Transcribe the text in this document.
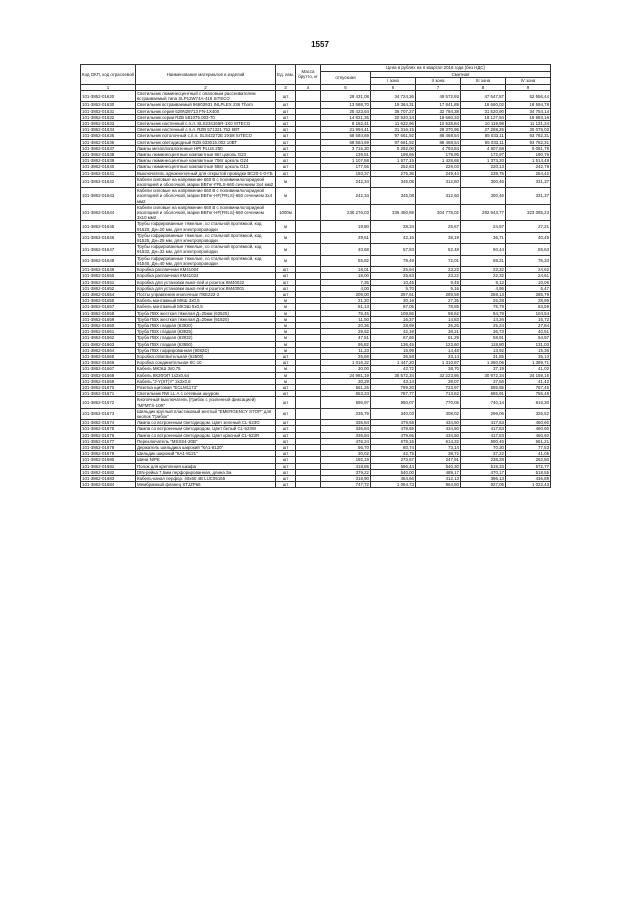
1557
Код ОКП, код отраслевой	Наименование материалов и изделий	Ед. изм.	Масса брутто, кг	Цена в рублях на II квартал 2016 года (без НДС)				
				отпускная	Сметная			
					I зона	II зона	III зона	IV зона
1	2	3	4	5	6	7	8	9
101-3862-01620	Светильник люминесцентный с опаловым рассеивателем встраиваемый типа SLP12W74A-418 SITECO	шт		28 431,08	34 724,36	49 572,93	47 647,87	52 556,44
101-3862-01630	Светильник встраиваемый 96603931 INLPLEX 236 Thorn	шт		13 588,70	19 364,31	17 841,89	18 660,02	18 594,78
101-3862-01631	Светильник серия 629N29713 FN-1X400	шт		25 423,64	36 707,27	32 794,38	31 520,90	34 754,14
101-3862-01632	Светильник серии RZB 581075.003-70	шт		14 821,35	20 920,24	18 660,33	18 127,94	19 993,16
101-3862-01633	Светильник настенный с.п.л. SLS234165R-1X0 SITECO	шт		8 162,41	11 622,96	10 528,84	10 119,98	11 131,24
101-3862-01634	Светильник настенный с.п.л. RZB 571321.752 6ВТ	шт		21 994,41	31 316,15	28 370,96	27 269,25	30 075,03
101-3862-01635	Светильник потолочный с.п.л. SLS42272E 2Х58 SITECO	шт		68 584,69	97 661,92	88 468,54	85 033,11	93 782,31
101-3862-01636	Светильник светодиодный RZB 633016.002 10ВТ	шт		68 584,69	97 661,92	88 468,54	85 033,11	93 782,31
101-3862-01637	Лампы металлогалогенные HPI PLUS 250	шт		3 716,30	5 292,00	4 793,84	4 607,68	5 081,78
101-3862-01638	Лампы люминесцентные компактные 9вт цоколь G23	шт		139,51	198,66	179,95	172,97	190,76
101-3862-01639	Лампы люминесцентные компактные 70вт цоколь G24	шт		1 107,58	1 577,15	1 428,68	1 373,20	1 514,49
101-3862-01640	Лампы люминесцентные компактные 58вт цоколь G13	шт		177,55	252,83	229,03	220,13	242,78
101-3862-01641	Выключатель однокнопочный для открытой проводки ВС20-1-0-ГБ	шт		193,37	275,36	249,44	239,75	264,42
101-3862-01642	Кабели силовые на напряжение 660 В с поливинилхлоридной изоляцией и оболочкой, марки ВВГнг-FRLS-660 сечением 3х4 мм2	м		242,34	345,08	312,60	300,46	331,37
101-3862-01643	Кабели силовые на напряжение 660 В с поливинилхлоридной изоляцией и оболочкой, марки ВВГнг-HF(FRLS)-660 сечением 3х4 мм2	м		242,34	345,08	312,60	300,46	331,37
101-3862-01644	Кабели силовые на напряжение 660 В с поливинилхлоридной изоляцией и оболочкой, марки ВВГнг-HF(FRLS)-660 сечением 3х10 мм2	1000м		236 276,03	336 450,69	304 779,02	292 943,77	323 085,23
101-3862-01645	Трубы гофрированные тяжелые, со стальной протяжкой, код 91520, Дн=20 мм, для электропроводки	м		19,80	28,34	25,67	24,67	27,21
101-3862-01646	Трубы гофрированные тяжелые, со стальной протяжкой, код 91525, Дн=25 мм, для электропроводки	м		29,61	42,16	38,19	36,71	40,49
101-3862-01647	Трубы гофрированные тяжелые, со стальной протяжкой, код 91532, Дн=32 мм, для электропроводки	м		40,68	57,93	52,48	50,44	55,63
101-3862-01648	Трубы гофрированные тяжелые, со стальной протяжкой, код 91540, Дн=40 мм, для электропроводки	м		55,82	79,49	72,01	69,21	76,33
101-3862-01649	Коробка распаечная КМ41004	шт		18,01	25,64	23,23	22,32	24,62
101-3862-01650	Коробка распаечная КМ41024	шт		18,00	25,63	23,22	22,32	24,61
101-3862-01651	Коробка для установки выкл-лей и розеток КМ40022	шт		7,35	10,46	9,49	9,12	10,06
101-3862-01652	Коробка для установки выкл-лей и розеток КМ40001	шт		4,00	5,70	5,16	4,96	5,47
101-3862-01654	Посты управления кнопочные ПКЕ222-2	шт		209,00	297,61	269,59	259,13	285,79
101-3862-01655	Кабель монтажный МКШ 3х0,5	м		21,20	30,19	27,35	26,28	28,99
101-3862-01657	Кабель монтажный МКЭШ 5х0,5	м		61,13	87,05	78,85	75,79	83,59
101-3862-01658	Труба ПВХ жесткая тяжелая Д=25мм (63525)	м		76,45	108,86	98,62	94,79	104,54
101-3862-01659	Труба ПВХ жесткая тяжелая Д=20мм (91820)	м		11,50	16,37	14,83	14,26	15,72
101-3862-01660	Труба ПВХ гладкая (63920)	м		20,36	28,99	26,26	25,24	27,84
101-3862-01661	Труба ПВХ гладкая (63925)	м		29,62	42,18	38,21	36,73	40,51
101-3862-01662	Труба ПВХ гладкая (63932)	м		47,51	67,65	61,29	58,91	64,97
101-3862-01663	Труба ПВХ гладкая (63950)	м		95,82	136,45	123,60	118,80	131,03
101-3862-01664	Труба ПВХ гофрированная (9082D)	м		11,23	15,99	14,48	13,92	15,36
101-3862-01665	Коробка ответвительная (53500)	шт		25,69	36,58	33,14	31,85	35,13
101-3862-01666	Коробка соединительная КС-10	шт		1 016,32	1 447,20	1 310,97	1 260,06	1 389,71
101-3862-01667	Кабель МКЭШ 3х0,75	м		30,00	42,72	38,70	37,19	41,02
101-3862-01668	Кабель КК2ФЭП 1х2х0,64	м		24 981,19	35 572,34	32 223,86	30 972,34	34 159,16
101-3862-01669	Кабель "J-Y(ST)Y" 2х2х0,8	м		30,29	43,14	39,07	37,56	41,42
101-3862-01670	Розетка щитовая "ECLM1173"	шт		561,25	799,20	723,97	695,85	767,45
101-3862-01671	Светильник RW LL А с сетевым шнуром	шт		553,23	787,77	713,62	685,91	756,48
101-3862-01672	Кнопочный выключатель (Грибок с усиленной фиксацией) "MFMTS-10R"	шт		596,97	850,07	770,05	740,14	816,30
101-3862-01673	Шильдик круглый пластиковый желтый "EMERGENCY STOP" для кнопок "Грибок"	шт		236,79	340,03	308,02	296,06	326,52
101-3862-01674	Лампа со встроенным светодиодом. Цвет зеленый CL-523G	шт		336,84	479,65	434,50	417,63	460,60
101-3862-01675	Лампа со встроенным светодиодом. Цвет белый CL-523W	шт		336,84	479,65	434,50	417,63	460,60
101-3862-01676	Лампа со встроенным светодиодом. Цвет красный CL-523R	шт		336,84	479,65	434,50	417,63	460,60
101-3862-01677	Переключатель "MSSS4-20B"	шт		476,24	678,15	614,32	590,46	651,21
101-3862-01678	Держатель шильдика широкий "КА1-8120"	шт		56,70	80,74	73,14	70,30	77,53
101-3862-01679	Шильдик широкий "КА1-8121"	шт		30,02	42,75	38,72	37,22	41,05
101-3862-01680	Шина N/PE	шт		192,19	273,67	247,91	238,28	262,80
101-3862-01681	Полок для крепления шкафа	шт		418,85	596,44	540,30	519,33	572,77
101-3862-01682	DIN-рейка 7,5мм перфорированная, длина 2м	шт		379,22	540,00	489,17	470,17	518,55
101-3862-01683	Кабель-канал перфор. 40х60 4В LUC05165	шт		318,90	454,66	412,13	396,13	436,89
101-3862-01684	Мембранный фланец STJZP66	шт		747,72	1 064,73	964,50	927,05	1 022,43
